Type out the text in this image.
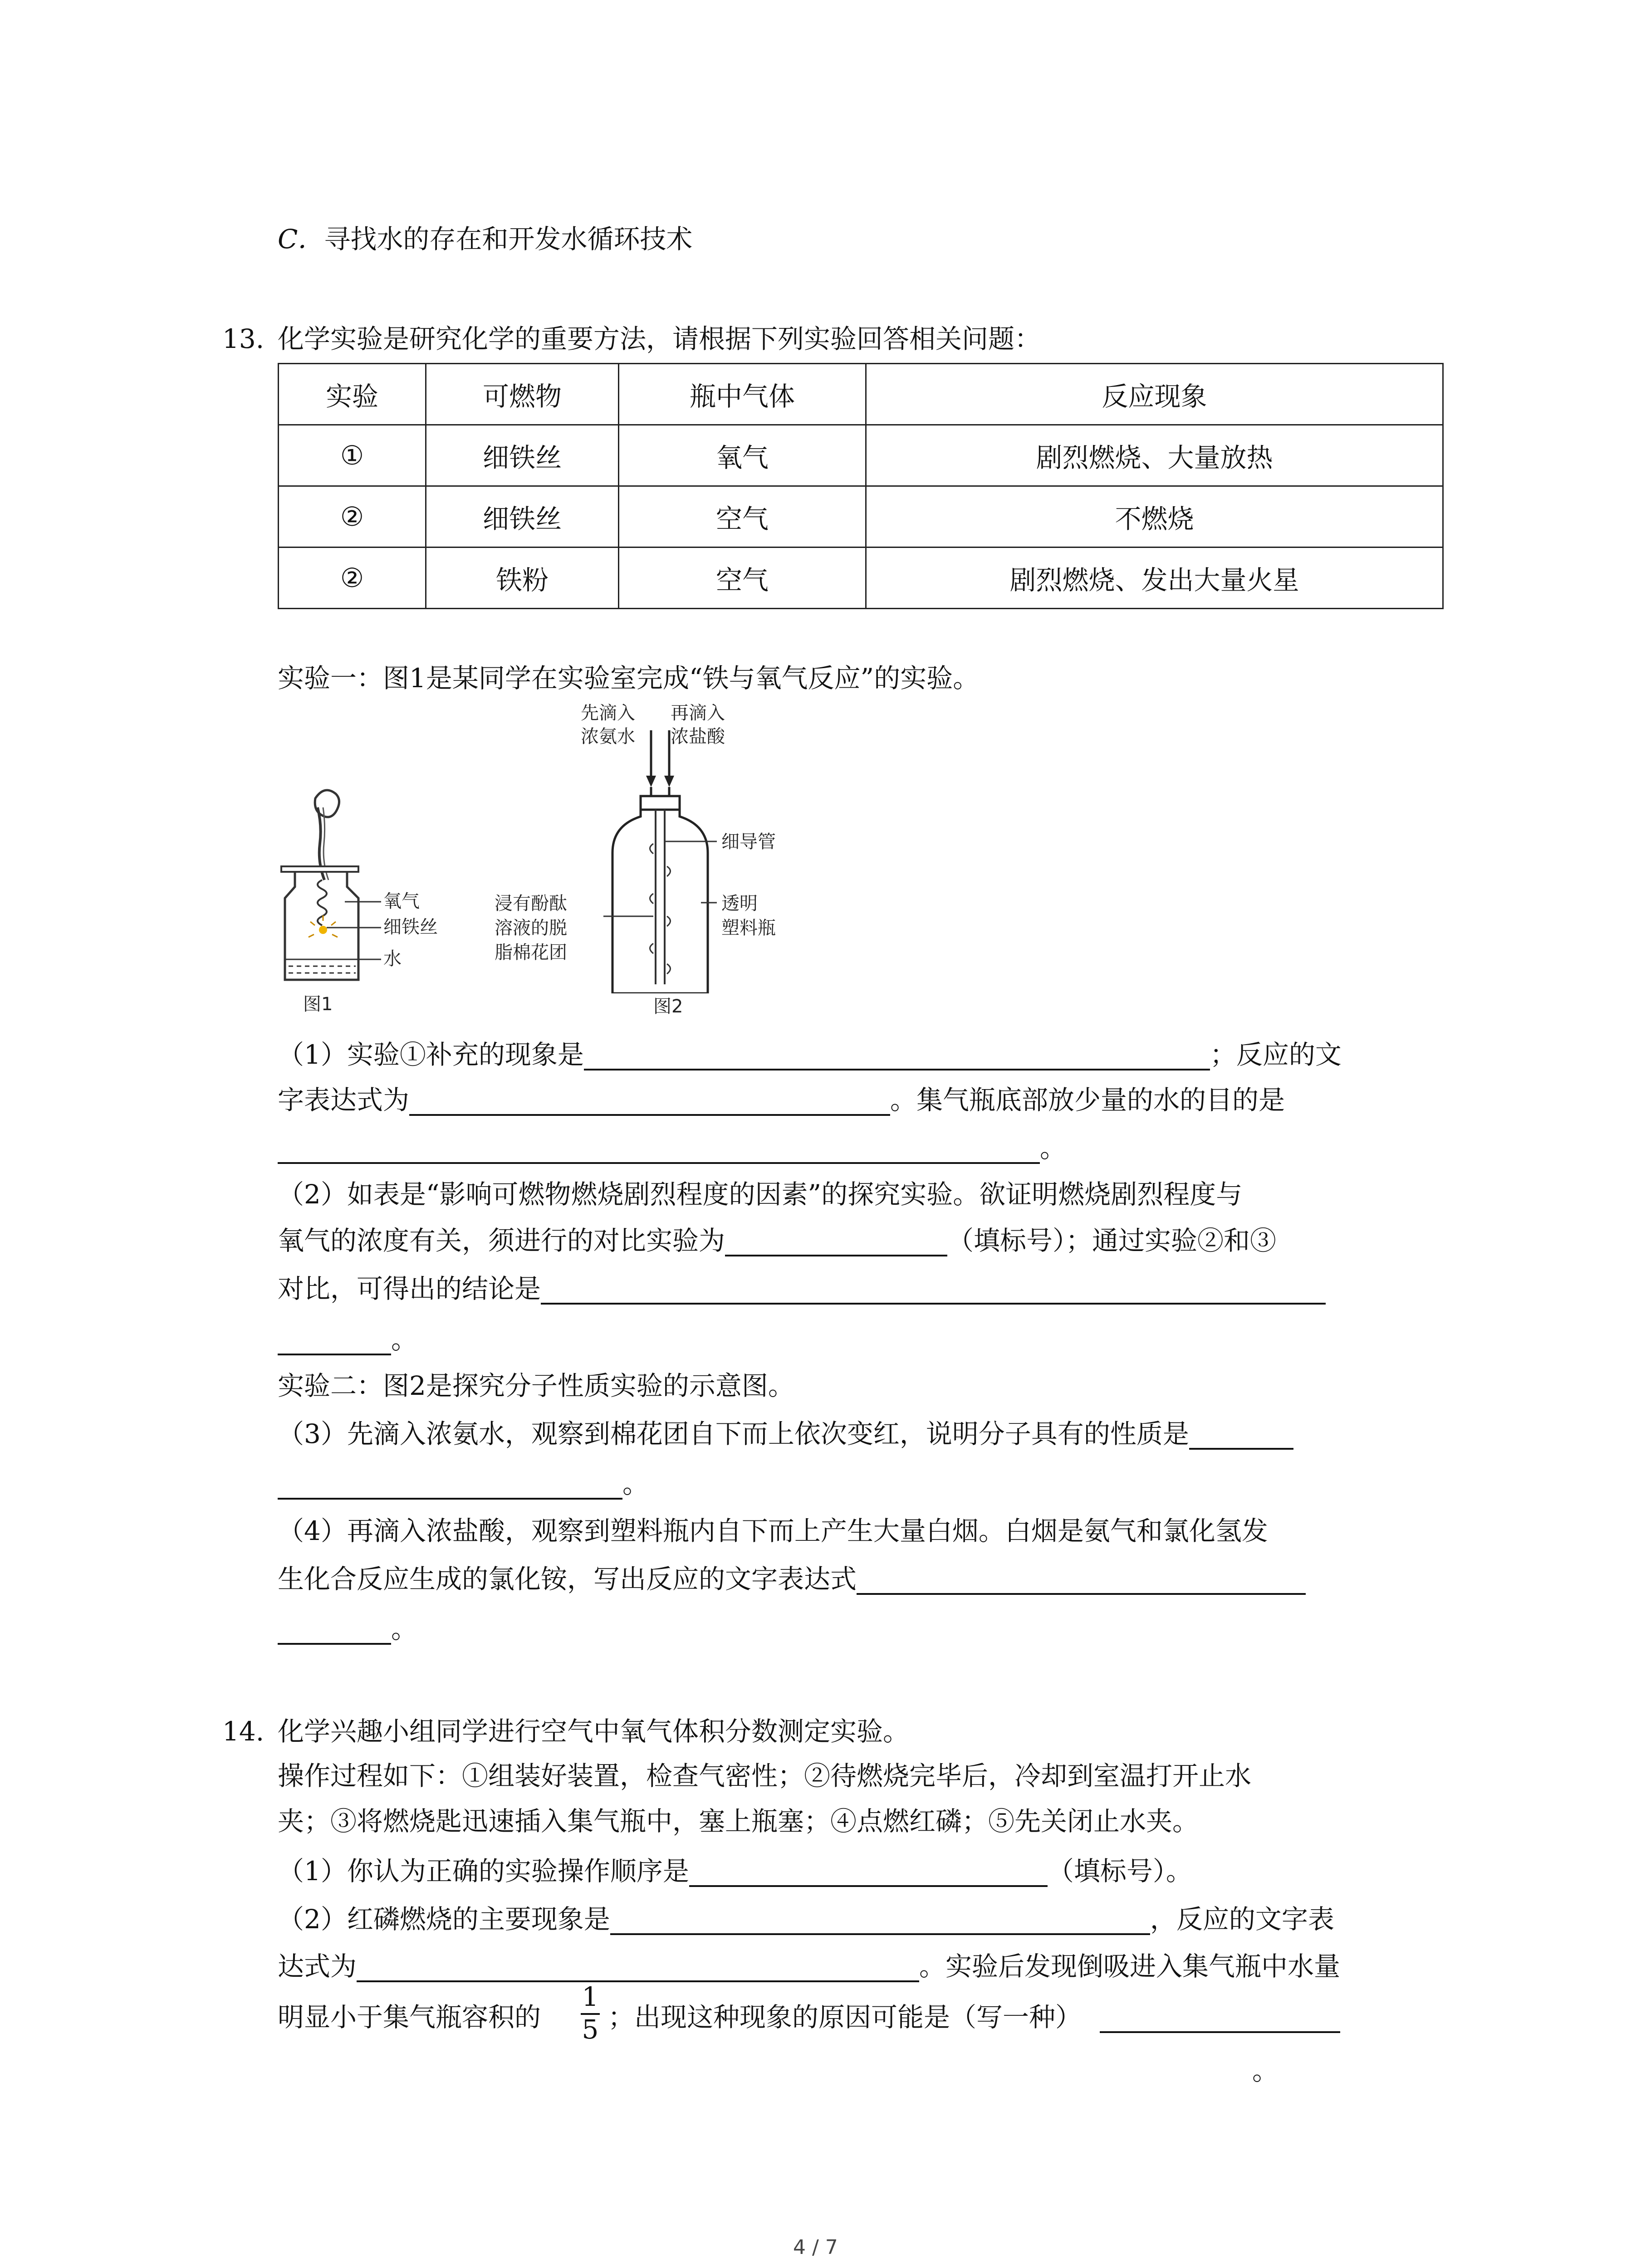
C．寻找水的存在和开发水循环技术
13. 化学实验是研究化学的重要方法，请根据下列实验回答相关问题：
实验	可燃物	瓶中气体	反应现象
①	细铁丝	氧气	剧烈燃烧、大量放热
②	细铁丝	空气	不燃烧
②	铁粉	空气	剧烈燃烧、发出大量火星
实验一：图1是某同学在实验室完成“铁与氧气反应”的实验。
氧气
细铁丝
水
图1
先滴入
浓氨水
再滴入
浓盐酸
细导管
透明
塑料瓶
浸有酚酞
溶液的脱
脂棉花团
图2
（1）实验①补充的现象是	；反应的文
字表达式为	。集气瓶底部放少量的水的目的是
。
（2）如表是“影响可燃物燃烧剧烈程度的因素”的探究实验。欲证明燃烧剧烈程度与
氧气的浓度有关，须进行的对比实验为	（填标号）；通过实验②和③
对比，可得出的结论是
。
实验二：图2是探究分子性质实验的示意图。
（3）先滴入浓氨水，观察到棉花团自下而上依次变红，说明分子具有的性质是
。
（4）再滴入浓盐酸，观察到塑料瓶内自下而上产生大量白烟。白烟是氨气和氯化氢发
生化合反应生成的氯化铵，写出反应的文字表达式
。
14. 化学兴趣小组同学进行空气中氧气体积分数测定实验。
操作过程如下：①组装好装置，检查气密性；②待燃烧完毕后，冷却到室温打开止水
夹；③将燃烧匙迅速插入集气瓶中，塞上瓶塞；④点燃红磷；⑤先关闭止水夹。
（1）你认为正确的实验操作顺序是	（填标号）。
（2）红磷燃烧的主要现象是	，反应的文字表
达式为	。实验后发现倒吸进入集气瓶中水量
明显小于集气瓶容积的
1
5 ；出现这种现象的原因可能是（写一种）
。
4 / 7
